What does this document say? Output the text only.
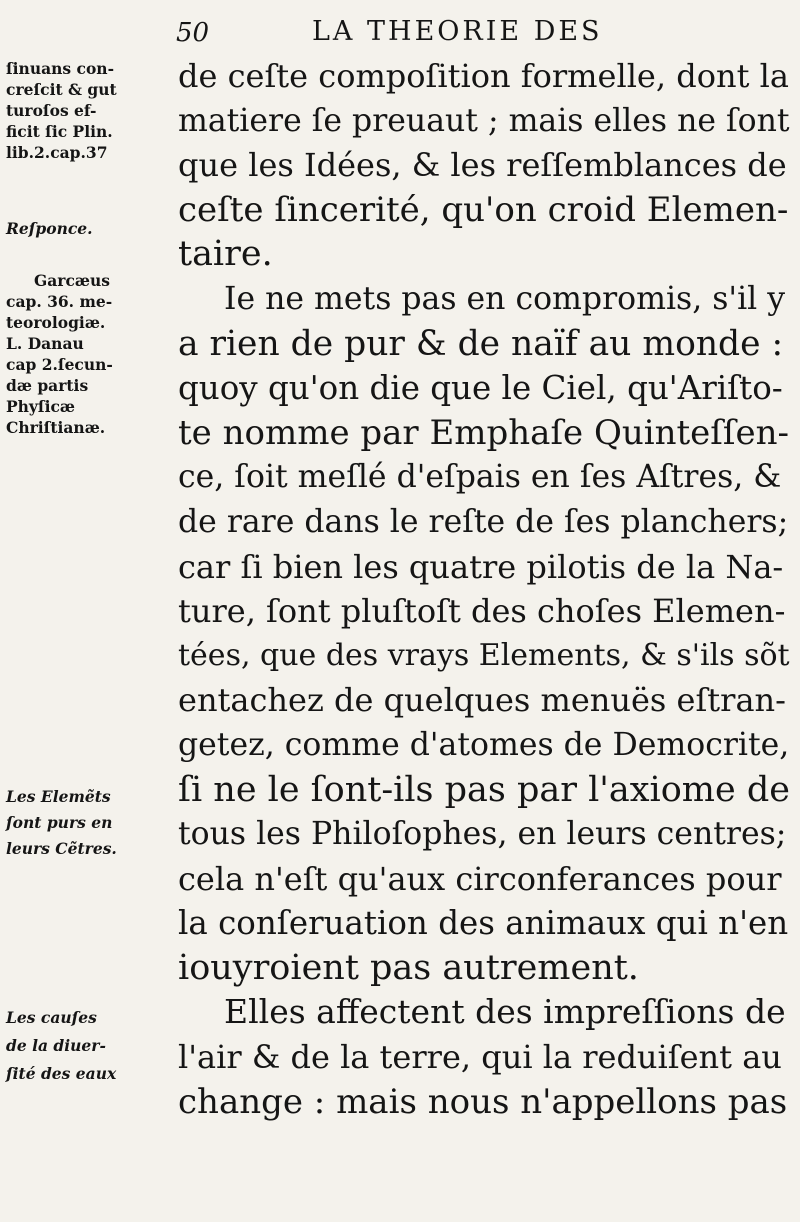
50	LA THEORIE DES
ſinuans con-
creſcit & gut
turoſos ef-
ficit ſic Plin.
lib.2.cap.37
Reſponce.
Garcæus
cap. 36. me-
teorologiæ.
L. Danau
cap 2.ſecun-
dæ partis
Phyſicæ
Chriſtianæ.
Les Elemẽts
ſont purs en
leurs Cẽtres.
Les cauſes
de la diuer-
ſité des eaux
de ceſte compoſition formelle, dont la
matiere ſe preuaut ; mais elles ne ſont
que les Idées, & les reſſemblances de
ceſte ſincerité, qu'on croid Elemen-
taire.
Ie ne mets pas en compromis, s'il y
a rien de pur & de naïf au monde :
quoy qu'on die que le Ciel, qu'Ariſto-
te nomme par Emphaſe Quinteſſen-
ce, ſoit meſlé d'eſpais en ſes Aſtres, &
de rare dans le reſte de ſes planchers;
car ſi bien les quatre pilotis de la Na-
ture, ſont pluſtoſt des choſes Elemen-
tées, que des vrays Elements, & s'ils sõt
entachez de quelques menuës eſtran-
getez, comme d'atomes de Democrite,
ſi ne le ſont-ils pas par l'axiome de
tous les Philoſophes, en leurs centres;
cela n'eſt qu'aux circonferances pour
la conſeruation des animaux qui n'en
iouyroient pas autrement.
Elles affectent des impreſſions de
l'air & de la terre, qui la reduiſent au
change : mais nous n'appellons pas
